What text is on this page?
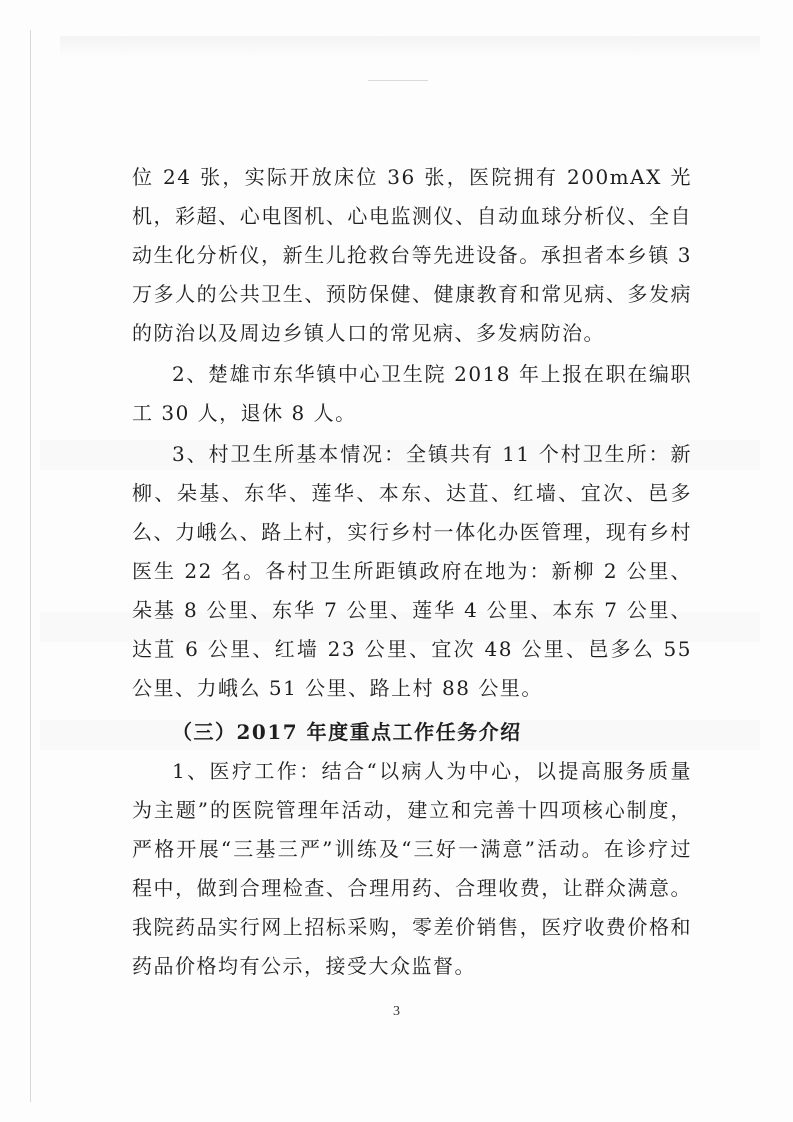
位 24 张，实际开放床位 36 张，医院拥有 200mAX 光机，彩超、心电图机、心电监测仪、自动血球分析仪、全自动生化分析仪，新生儿抢救台等先进设备。承担者本乡镇 3 万多人的公共卫生、预防保健、健康教育和常见病、多发病的防治以及周边乡镇人口的常见病、多发病防治。

2、楚雄市东华镇中心卫生院 2018 年上报在职在编职工 30 人，退休 8 人。

3、村卫生所基本情况：全镇共有 11 个村卫生所：新柳、朵基、东华、莲华、本东、达苴、红墙、宜次、邑多么、力峨么、路上村，实行乡村一体化办医管理，现有乡村医生 22 名。各村卫生所距镇政府在地为：新柳 2 公里、朵基 8 公里、东华 7 公里、莲华 4 公里、本东 7 公里、达苴 6 公里、红墙 23 公里、宜次 48 公里、邑多么 55 公里、力峨么 51 公里、路上村 88 公里。

（三）2017 年度重点工作任务介绍

1、医疗工作：结合“以病人为中心，以提高服务质量为主题”的医院管理年活动，建立和完善十四项核心制度，严格开展“三基三严”训练及“三好一满意”活动。在诊疗过程中，做到合理检查、合理用药、合理收费，让群众满意。我院药品实行网上招标采购，零差价销售，医疗收费价格和药品价格均有公示，接受大众监督。

3
